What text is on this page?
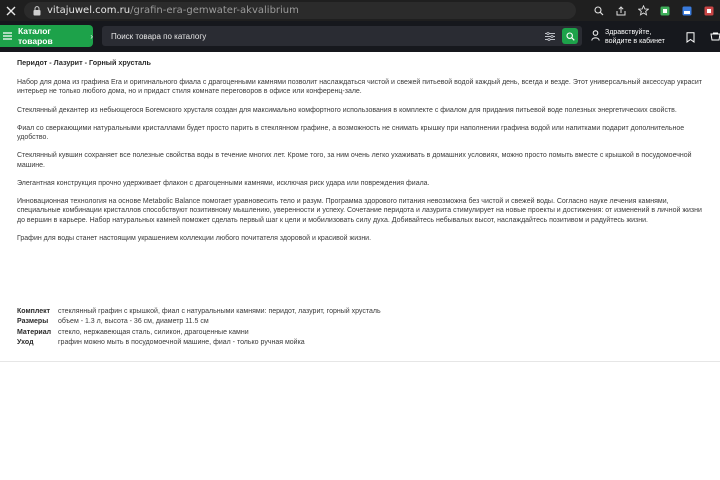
vitajuwel.com.ru /grafin-era-gemwater-akvalibrium
Каталог товаров	›
Поиск товара по каталогу	Здравствуйте,
войдите в кабинет
Перидот - Лазурит - Горный хрусталь

Набор для дома из графина Era и оригинального фиала с драгоценными камнями позволит наслаждаться чистой и свежей питьевой водой каждый день, всегда и везде. Этот универсальный аксессуар украсит интерьер не только любого дома, но и придаст стиля комнате переговоров в офисе или конференц-зале.

Стеклянный декантер из небьющегося Богемского хрусталя создан для максимально комфортного использования в комплекте с фиалом для придания питьевой воде полезных энергетических свойств.

Фиал со сверкающими натуральными кристаллами будет просто парить в стеклянном графине, а возможность не снимать крышку при наполнении графина водой или напитками подарит дополнительное удобство.

Стеклянный кувшин сохраняет все полезные свойства воды в течение многих лет. Кроме того, за ним очень легко ухаживать в домашних условиях, можно просто помыть вместе с крышкой в посудомоечной машине.

Элегантная конструкция прочно удерживает флакон с драгоценными камнями, исключая риск удара или повреждения фиала.

Инновационная технология на основе Metabolic Balance помогает уравновесить тело и разум. Программа здорового питания невозможна без чистой и свежей воды. Согласно науке лечения камнями, специальные комбинации кристаллов способствуют позитивному мышлению, уверенности и успеху. Сочетание перидота и лазурита стимулирует на новые проекты и достижения: от изменений в личной жизни до вершин в карьере. Набор натуральных камней поможет сделать первый шаг к цели и мобилизовать силу духа. Добивайтесь небывалых высот, наслаждайтесь позитивом и радуйтесь жизни.

Графин для воды станет настоящим украшением коллекции любого почитателя здоровой и красивой жизни.

Комплект	стеклянный графин с крышкой, фиал с натуральными камнями: перидот, лазурит, горный хрусталь
Размеры	объем - 1.3 л, высота - 36 см, диаметр 11.5 см
Материал стекло, нержавеющая сталь, силикон, драгоценные камни
Уход	графин можно мыть в посудомоечной машине, фиал - только ручная мойка
